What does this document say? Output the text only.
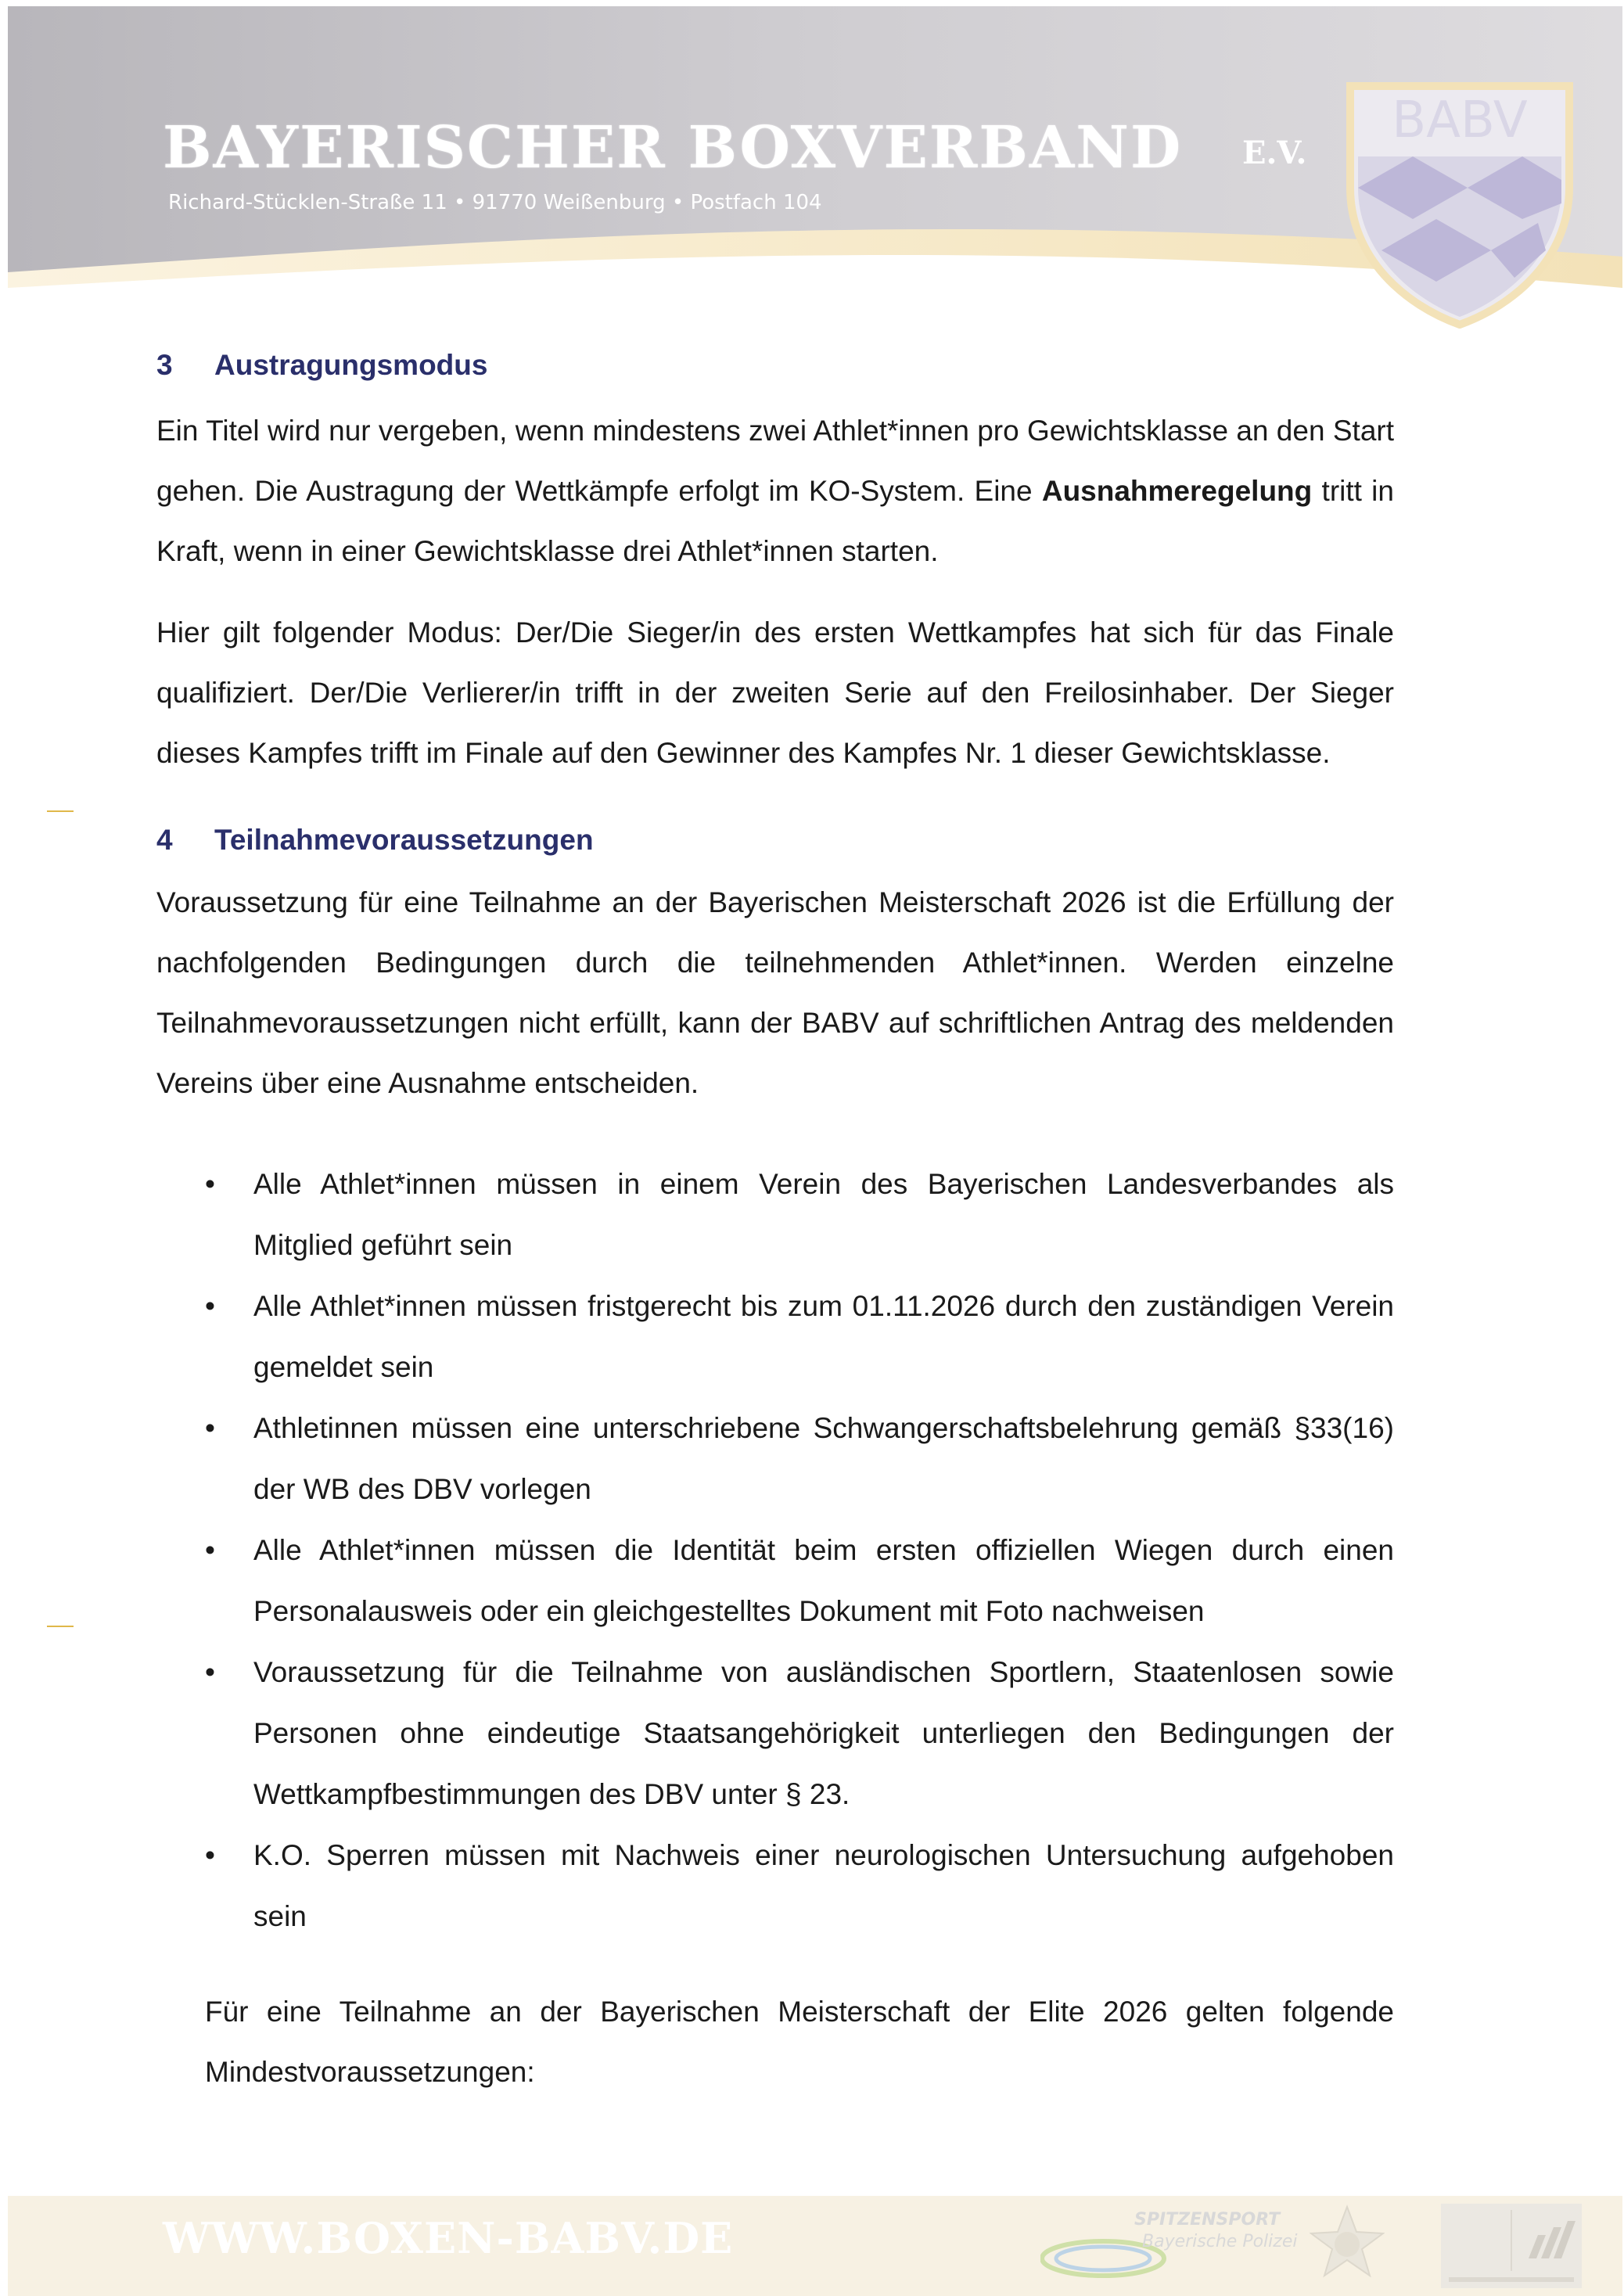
BAYERISCHER BOXVERBAND E.V.
Richard-Stücklen-Straße 11 • 91770 Weißenburg • Postfach 104
BABV
3 Austragungsmodus
Ein Titel wird nur vergeben, wenn mindestens zwei Athlet*innen pro Gewichtsklasse an den Start gehen. Die Austragung der Wettkämpfe erfolgt im KO-System. Eine Ausnahmeregelung tritt in Kraft, wenn in einer Gewichtsklasse drei Athlet*innen starten.
Hier gilt folgender Modus: Der/Die Sieger/in des ersten Wettkampfes hat sich für das Finale qualifiziert. Der/Die Verlierer/in trifft in der zweiten Serie auf den Freilosinhaber. Der Sieger dieses Kampfes trifft im Finale auf den Gewinner des Kampfes Nr. 1 dieser Gewichtsklasse.
4 Teilnahmevoraussetzungen
Voraussetzung für eine Teilnahme an der Bayerischen Meisterschaft 2026 ist die Erfüllung der nachfolgenden Bedingungen durch die teilnehmenden Athlet*innen. Werden einzelne Teilnahmevoraussetzungen nicht erfüllt, kann der BABV auf schriftlichen Antrag des meldenden Vereins über eine Ausnahme entscheiden.
• Alle Athlet*innen müssen in einem Verein des Bayerischen Landesverbandes als Mitglied geführt sein
• Alle Athlet*innen müssen fristgerecht bis zum 01.11.2026 durch den zuständigen Verein gemeldet sein
• Athletinnen müssen eine unterschriebene Schwangerschaftsbelehrung gemäß §33(16) der WB des DBV vorlegen
• Alle Athlet*innen müssen die Identität beim ersten offiziellen Wiegen durch einen Personalausweis oder ein gleichgestelltes Dokument mit Foto nachweisen
• Voraussetzung für die Teilnahme von ausländischen Sportlern, Staatenlosen sowie Personen ohne eindeutige Staatsangehörigkeit unterliegen den Bedingungen der Wettkampfbestimmungen des DBV unter § 23.
• K.O. Sperren müssen mit Nachweis einer neurologischen Untersuchung aufgehoben sein
Für eine Teilnahme an der Bayerischen Meisterschaft der Elite 2026 gelten folgende Mindestvoraussetzungen:
WWW.BOXEN-BABV.DE	SPITZENSPORT
Bayerische Polizei
